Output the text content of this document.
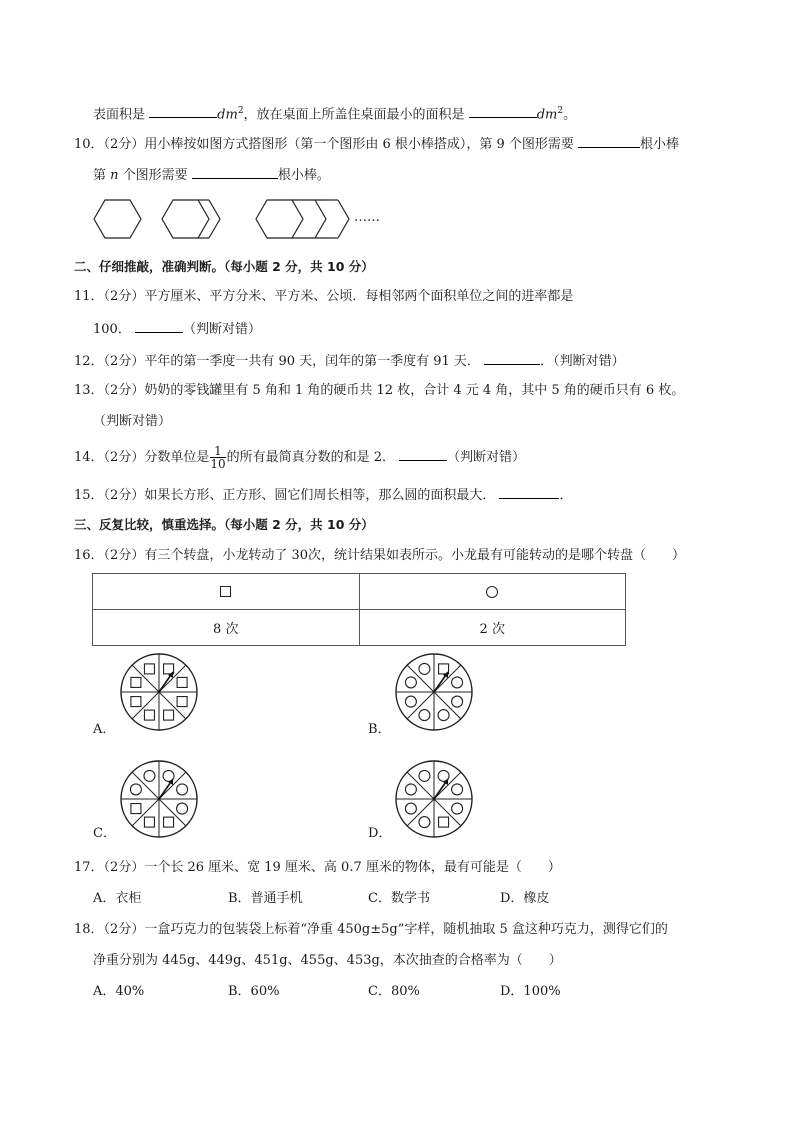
表面积是	$dm^2$，放在桌面上所盖住桌面最小的面积是	$dm^2$。
10．（2分）用小棒按如图方式搭图形（第一个图形由 6 根小棒搭成），第 9 个图形需要	根小棒
第 n 个图形需要	根小棒。
……
二、仔细推敲，准确判断。（每小题 2 分，共 10 分）
11．（2分）平方厘米、平方分米、平方米、公顷．每相邻两个面积单位之间的进率都是
100．	（判断对错）
12．（2分）平年的第一季度一共有 90 天，闰年的第一季度有 91 天．	．（判断对错）
13．（2分）奶奶的零钱罐里有 5 角和 1 角的硬币共 12 枚，合计 4 元 4 角，其中 5 角的硬币只有 6 枚。
（判断对错）
14．（2分）分数单位是 $\frac{1}{10}$ 的所有最简真分数的和是 2．	（判断对错）
15．（2分）如果长方形、正方形、圆它们周长相等，那么圆的面积最大．	．
三、反复比较，慎重选择。（每小题 2 分，共 10 分）
16．（2分）有三个转盘，小龙转动了 30次，统计结果如表所示。小龙最有可能转动的是哪个转盘（　　）

8 次	2 次
A．	B．
C．	D．
17．（2分）一个长 26 厘米、宽 19 厘米、高 0.7 厘米的物体，最有可能是（　　）
A．衣柜	B．普通手机	C．数学书	D．橡皮
18．（2分）一盒巧克力的包装袋上标着“净重 450g±5g”字样，随机抽取 5 盒这种巧克力，测得它们的
净重分别为 445g、449g、451g、455g、453g，本次抽查的合格率为（　　）
A．40%	B．60%	C．80%	D．100%
